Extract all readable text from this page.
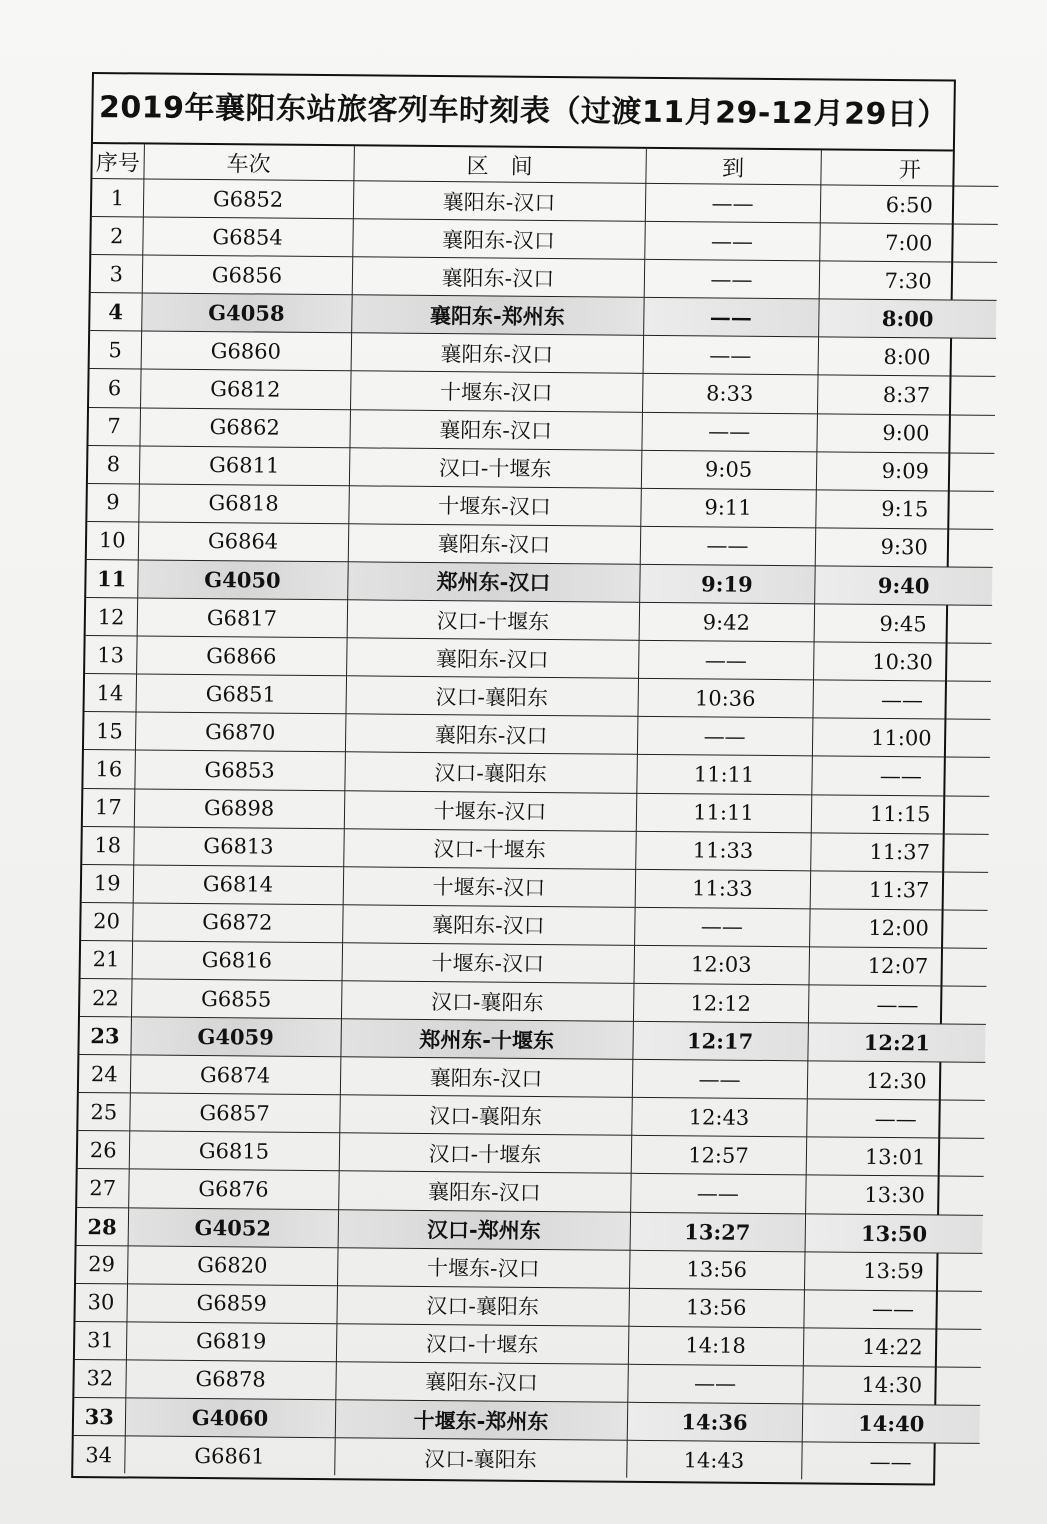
2019年襄阳东站旅客列车时刻表（过渡11月29-12月29日）
序号	车次	区　间	到	开
1	G6852	襄阳东-汉口	——	6:50
2	G6854	襄阳东-汉口	——	7:00
3	G6856	襄阳东-汉口	——	7:30
4	G4058	襄阳东-郑州东	——	8:00
5	G6860	襄阳东-汉口	——	8:00
6	G6812	十堰东-汉口	8:33	8:37
7	G6862	襄阳东-汉口	——	9:00
8	G6811	汉口-十堰东	9:05	9:09
9	G6818	十堰东-汉口	9:11	9:15
10	G6864	襄阳东-汉口	——	9:30
11	G4050	郑州东-汉口	9:19	9:40
12	G6817	汉口-十堰东	9:42	9:45
13	G6866	襄阳东-汉口	——	10:30
14	G6851	汉口-襄阳东	10:36	——
15	G6870	襄阳东-汉口	——	11:00
16	G6853	汉口-襄阳东	11:11	——
17	G6898	十堰东-汉口	11:11	11:15
18	G6813	汉口-十堰东	11:33	11:37
19	G6814	十堰东-汉口	11:33	11:37
20	G6872	襄阳东-汉口	——	12:00
21	G6816	十堰东-汉口	12:03	12:07
22	G6855	汉口-襄阳东	12:12	——
23	G4059	郑州东-十堰东	12:17	12:21
24	G6874	襄阳东-汉口	——	12:30
25	G6857	汉口-襄阳东	12:43	——
26	G6815	汉口-十堰东	12:57	13:01
27	G6876	襄阳东-汉口	——	13:30
28	G4052	汉口-郑州东	13:27	13:50
29	G6820	十堰东-汉口	13:56	13:59
30	G6859	汉口-襄阳东	13:56	——
31	G6819	汉口-十堰东	14:18	14:22
32	G6878	襄阳东-汉口	——	14:30
33	G4060	十堰东-郑州东	14:36	14:40
34	G6861	汉口-襄阳东	14:43	——
